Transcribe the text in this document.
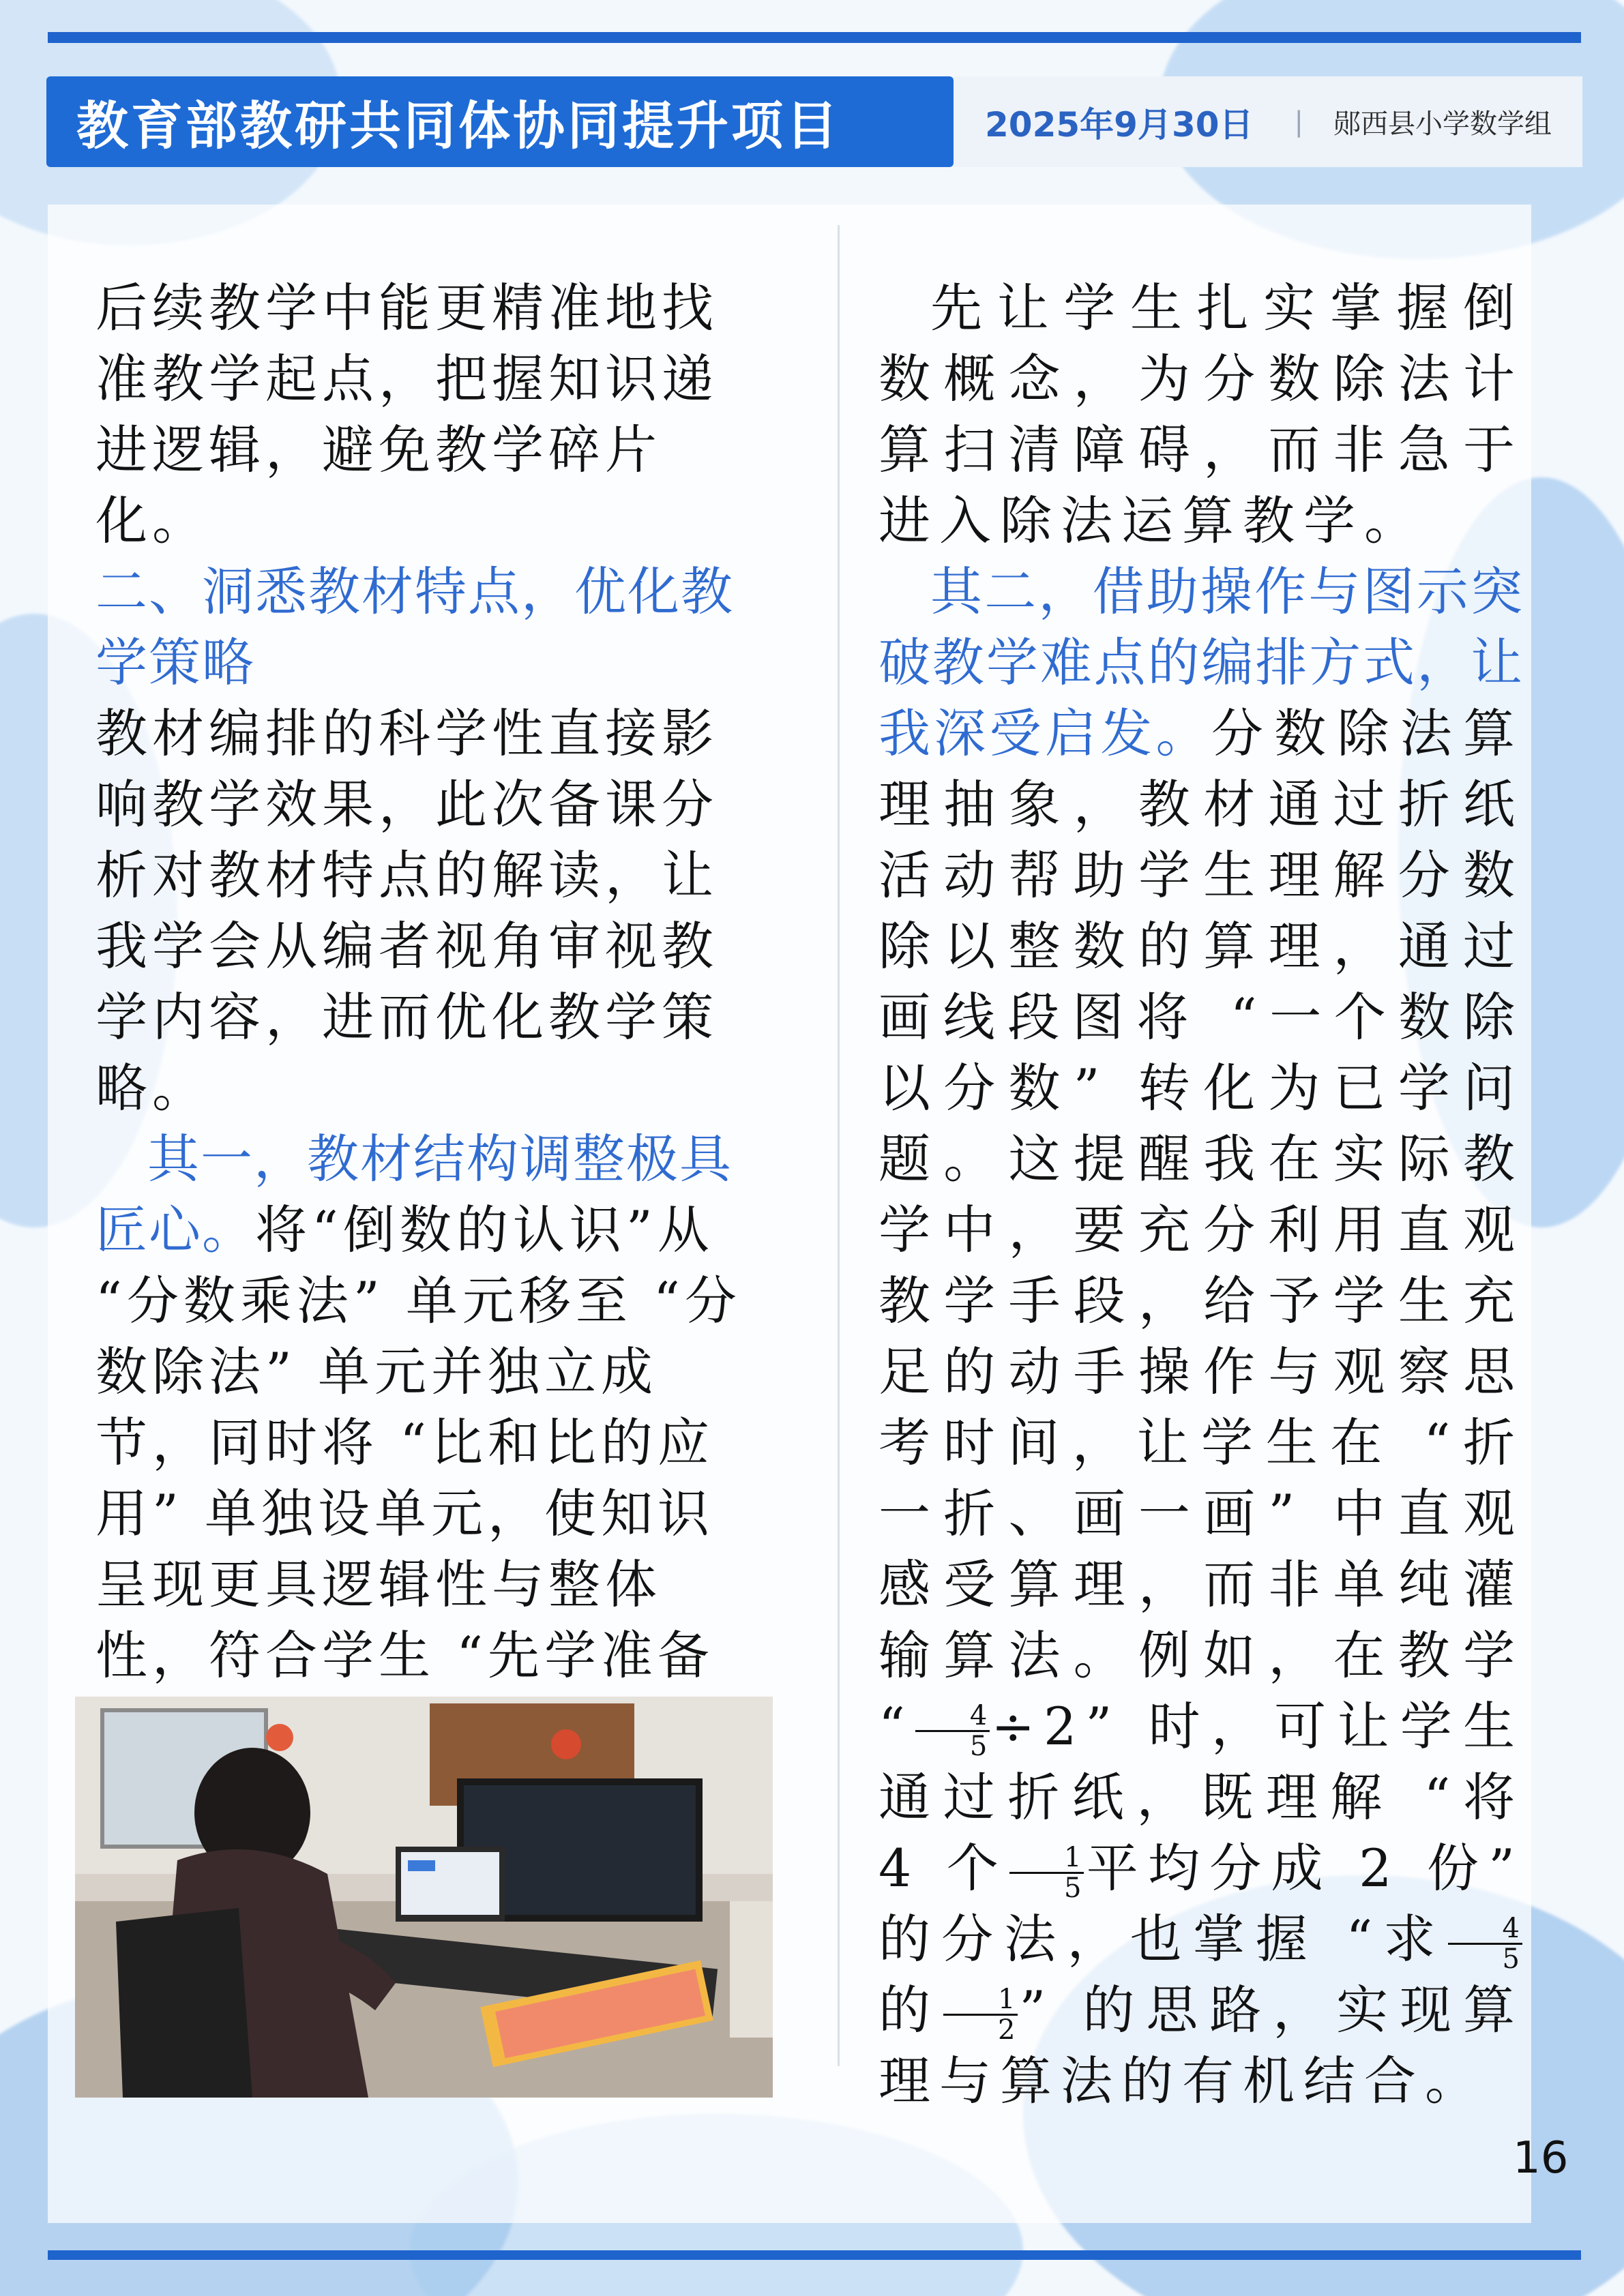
教育部教研共同体协同提升项目	2025年9月30日 | 郧西县小学数学组

后续教学中能更精准地找准教学起点，把握知识递进逻辑，避免教学碎片化。

二、洞悉教材特点，优化教学策略

教材编排的科学性直接影响教学效果，此次备课分析对教材特点的解读，让我学会从编者视角审视教学内容，进而优化教学策略。

其一，教材结构调整极具匠心。将“倒数的认识”从 “分数乘法” 单元移至 “分数除法” 单元并独立成节，同时将 “比和比的应用” 单独设单元，使知识呈现更具逻辑性与整体性，符合学生 “先学准备

先让学生扎实掌握倒数概念，为分数除法计算扫清障碍，而非急于进入除法运算教学。

其二，借助操作与图示突破教学难点的编排方式，让我深受启发。分数除法算理抽象，教材通过折纸活动帮助学生理解分数除以整数的算理，通过画线段图将 “一个数除以分数” 转化为已学问题。这提醒我在实际教学中，要充分利用直观教学手段，给予学生充足的动手操作与观察思考时间，让学生在 “折一折、画一画” 中直观感受算理，而非单纯灌输算法。例如，在教学 “ $\frac{4}{5} \div 2$” 时，可让学生通过折纸，既理解 “将 4 个 $\frac{1}{5}$ 平均分成 2 份” 的分法，也掌握 “求 $\frac{4}{5}$
的 $\frac{1}{2}$ ” 的思路，实现算理与算法的有机结合。

16
